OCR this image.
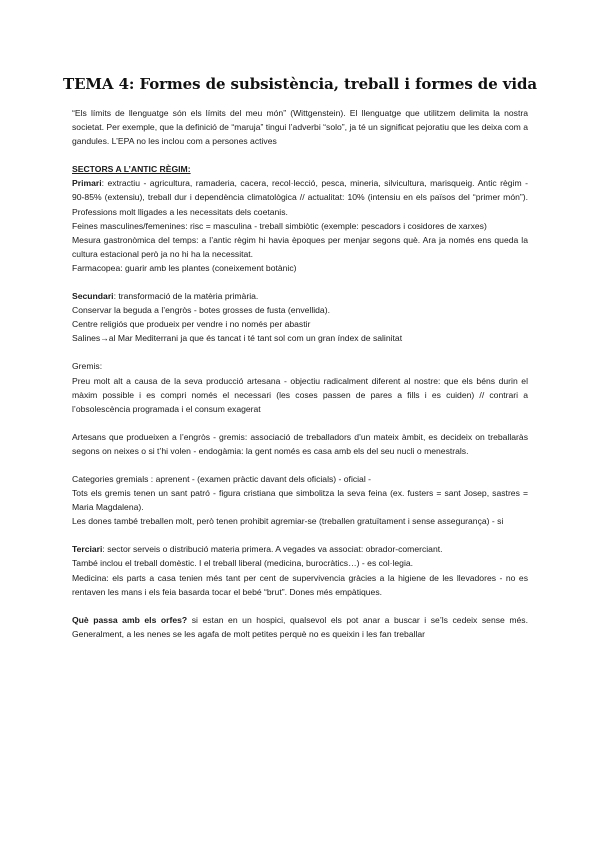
TEMA 4: Formes de subsistència, treball i formes de vida

“Els límits de llenguatge són els límits del meu món” (Wittgenstein). El llenguatge que utilitzem delimita la nostra societat. Per exemple, que la definició de “maruja” tingui l’adverbi “solo”, ja té un significat pejoratiu que les deixa com a gandules. L’EPA no les inclou com a persones actives

SECTORS A L’ANTIC RÈGIM:

Primari: extractiu - agricultura, ramaderia, cacera, recol·lecció, pesca, mineria, silvicultura, marisqueig. Antic règim - 90-85% (extensiu), treball dur i dependència climatològica // actualitat: 10% (intensiu en els països del “primer món”). Professions molt lligades a les necessitats dels coetanis.

Feines masculines/femenines: risc = masculina - treball simbiòtic (exemple: pescadors i cosidores de xarxes)

Mesura gastronòmica del temps: a l’antic règim hi havia èpoques per menjar segons què. Ara ja només ens queda la cultura estacional però ja no hi ha la necessitat.

Farmacopea: guarir amb les plantes (coneixement botànic)

Secundari: transformació de la matèria primària.

Conservar la beguda a l’engròs - botes grosses de fusta (envellida).

Centre religiós que produeix per vendre i no només per abastir

Salines→al Mar Mediterrani ja que és tancat i té tant sol com un gran índex de salinitat

Gremis:

Preu molt alt a causa de la seva producció artesana - objectiu radicalment diferent al nostre: que els béns durin el màxim possible i es compri només el necessari (les coses passen de pares a fills i es cuiden) // contrari a l’obsolescència programada i el consum exagerat

Artesans que produeixen a l’engròs - gremis: associació de treballadors d’un mateix àmbit, es decideix on treballaràs segons on neixes o si t’hi volen - endogàmia: la gent només es casa amb els del seu nucli o menestrals.

Categories gremials : aprenent - (examen pràctic davant dels oficials) - oficial -

Tots els gremis tenen un sant patró - figura cristiana que simbolitza la seva feina (ex. fusters = sant Josep, sastres = Maria Magdalena).

Les dones també treballen molt, però tenen prohibit agremiar-se (treballen gratuïtament i sense assegurança) - si

Terciari: sector serveis o distribució materia primera. A vegades va associat: obrador-comerciant.

També inclou el treball domèstic. I el treball liberal (medicina, burocràtics…) - es col·legia.

Medicina: els parts a casa tenien més tant per cent de supervivencia gràcies a la higiene de les llevadores - no es rentaven les mans i els feia basarda tocar el bebé “brut”. Dones més empàtiques.

Què passa amb els orfes? si estan en un hospici, qualsevol els pot anar a buscar i se’ls cedeix sense més. Generalment, a les nenes se les agafa de molt petites perquè no es queixin i les fan treballar
